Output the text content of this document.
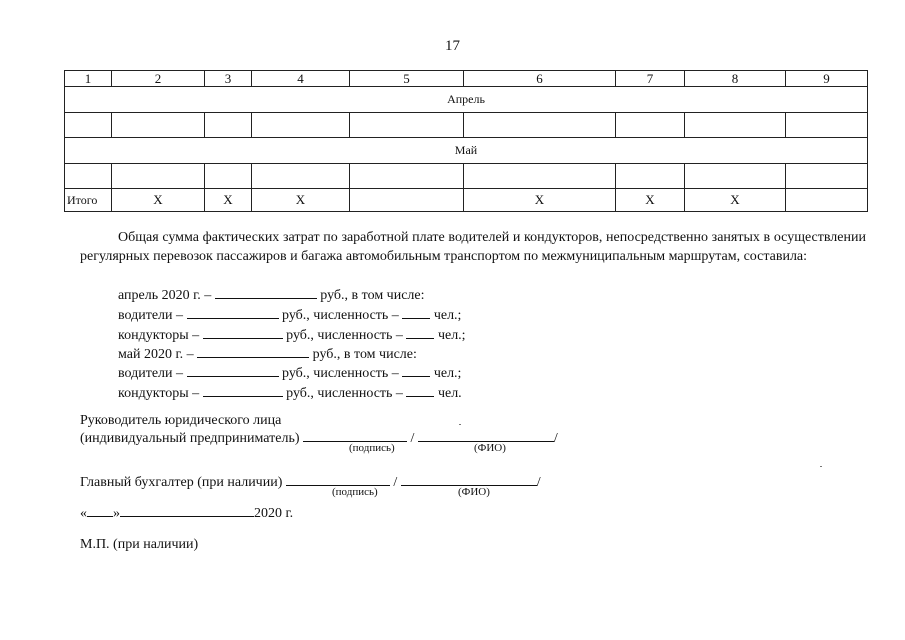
17
1	2	3	4	5	6	7	8	9
Апрель								

Май								

Итого	X	X	X		X	X	X	
Общая сумма фактических затрат по заработной плате водителей и кондукторов, непосредственно занятых в осуществлении регулярных перевозок пассажиров и багажа автомобильным транспортом по межмуниципальным маршрутам, составила:
апрель 2020 г. –	руб., в том числе:
водители –	руб., численность –	чел.;
кондукторы –	руб., численность –	чел.;
май 2020 г. –	руб., в том числе:
водители –	руб., численность –	чел.;
кондукторы –	руб., численность –	чел.
Руководитель юридического лица
(индивидуальный предприниматель)	/	/
(подпись)	(ФИО)
Главный бухгалтер (при наличии)	/	/
(подпись)	(ФИО)
« »	2020 г.
М.П. (при наличии)
